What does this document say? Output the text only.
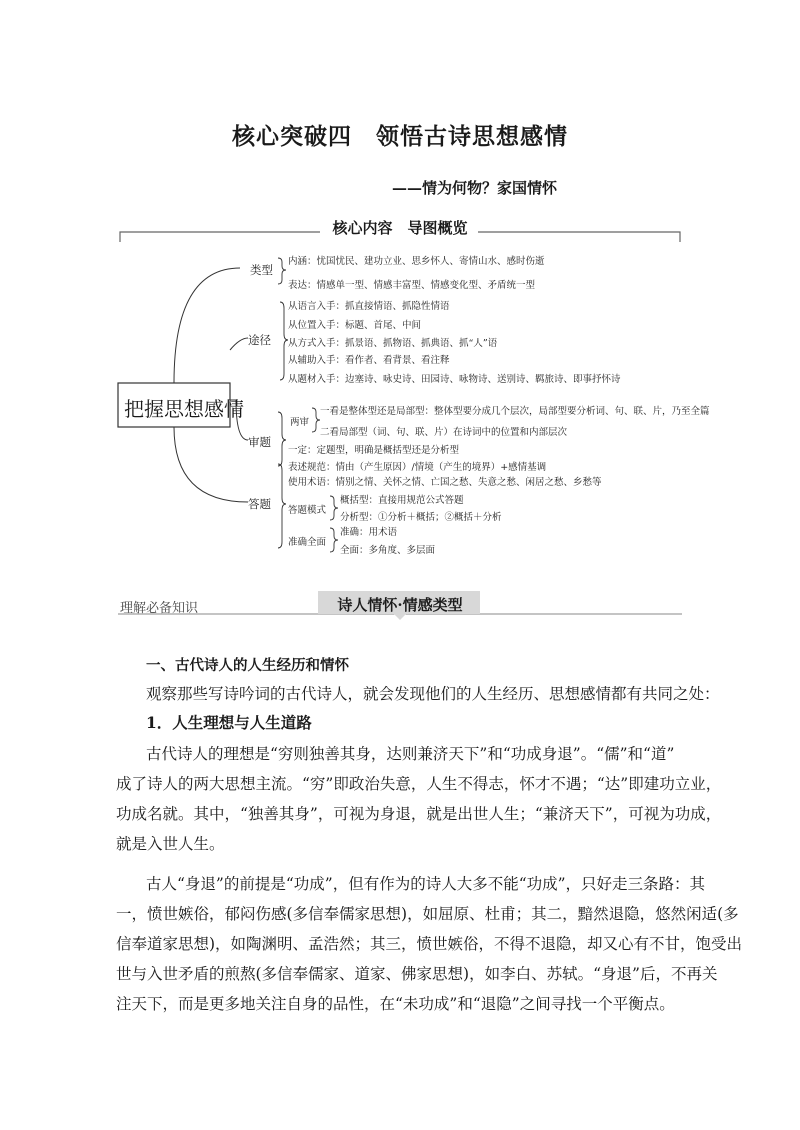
核心突破四　领悟古诗思想感情
——情为何物？家国情怀
核心内容　导图概览
把握思想感情
类型
内涵：忧国忧民、建功立业、思乡怀人、寄情山水、感时伤逝
表达：情感单一型、情感丰富型、情感变化型、矛盾统一型
途径
从语言入手：抓直接情语、抓隐性情语
从位置入手：标题、首尾、中间
从方式入手：抓景语、抓物语、抓典语、抓“人”语
从辅助入手：看作者、看背景、看注释
从题材入手：边塞诗、咏史诗、田园诗、咏物诗、送别诗、羁旅诗、即事抒怀诗
审题
两审
一看是整体型还是局部型：整体型要分成几个层次，局部型要分析词、句、联、片，乃至全篇
二看局部型（词、句、联、片）在诗词中的位置和内部层次
一定：定题型，明确是概括型还是分析型
答题
表述规范：情由（产生原因）/情境（产生的境界）+感情基调
使用术语：情别之情、关怀之情、亡国之愁、失意之愁、闲居之愁、乡愁等
答题模式
概括型：直接用规范公式答题
分析型：①分析＋概括；②概括＋分析
准确全面
准确：用术语
全面：多角度、多层面
理解必备知识	诗人情怀·情感类型
一、古代诗人的人生经历和情怀
观察那些写诗吟词的古代诗人，就会发现他们的人生经历、思想感情都有共同之处：
1．人生理想与人生道路
古代诗人的理想是“穷则独善其身，达则兼济天下”和“功成身退”。“儒”和“道”
成了诗人的两大思想主流。“穷”即政治失意，人生不得志，怀才不遇；“达”即建功立业，
功成名就。其中，“独善其身”，可视为身退，就是出世人生；“兼济天下”，可视为功成，
就是入世人生。
古人“身退”的前提是“功成”，但有作为的诗人大多不能“功成”，只好走三条路：其
一，愤世嫉俗，郁闷伤感(多信奉儒家思想)，如屈原、杜甫；其二，黯然退隐，悠然闲适(多
信奉道家思想)，如陶渊明、孟浩然；其三，愤世嫉俗，不得不退隐，却又心有不甘，饱受出
世与入世矛盾的煎熬(多信奉儒家、道家、佛家思想)，如李白、苏轼。“身退”后，不再关
注天下，而是更多地关注自身的品性，在“未功成”和“退隐”之间寻找一个平衡点。
